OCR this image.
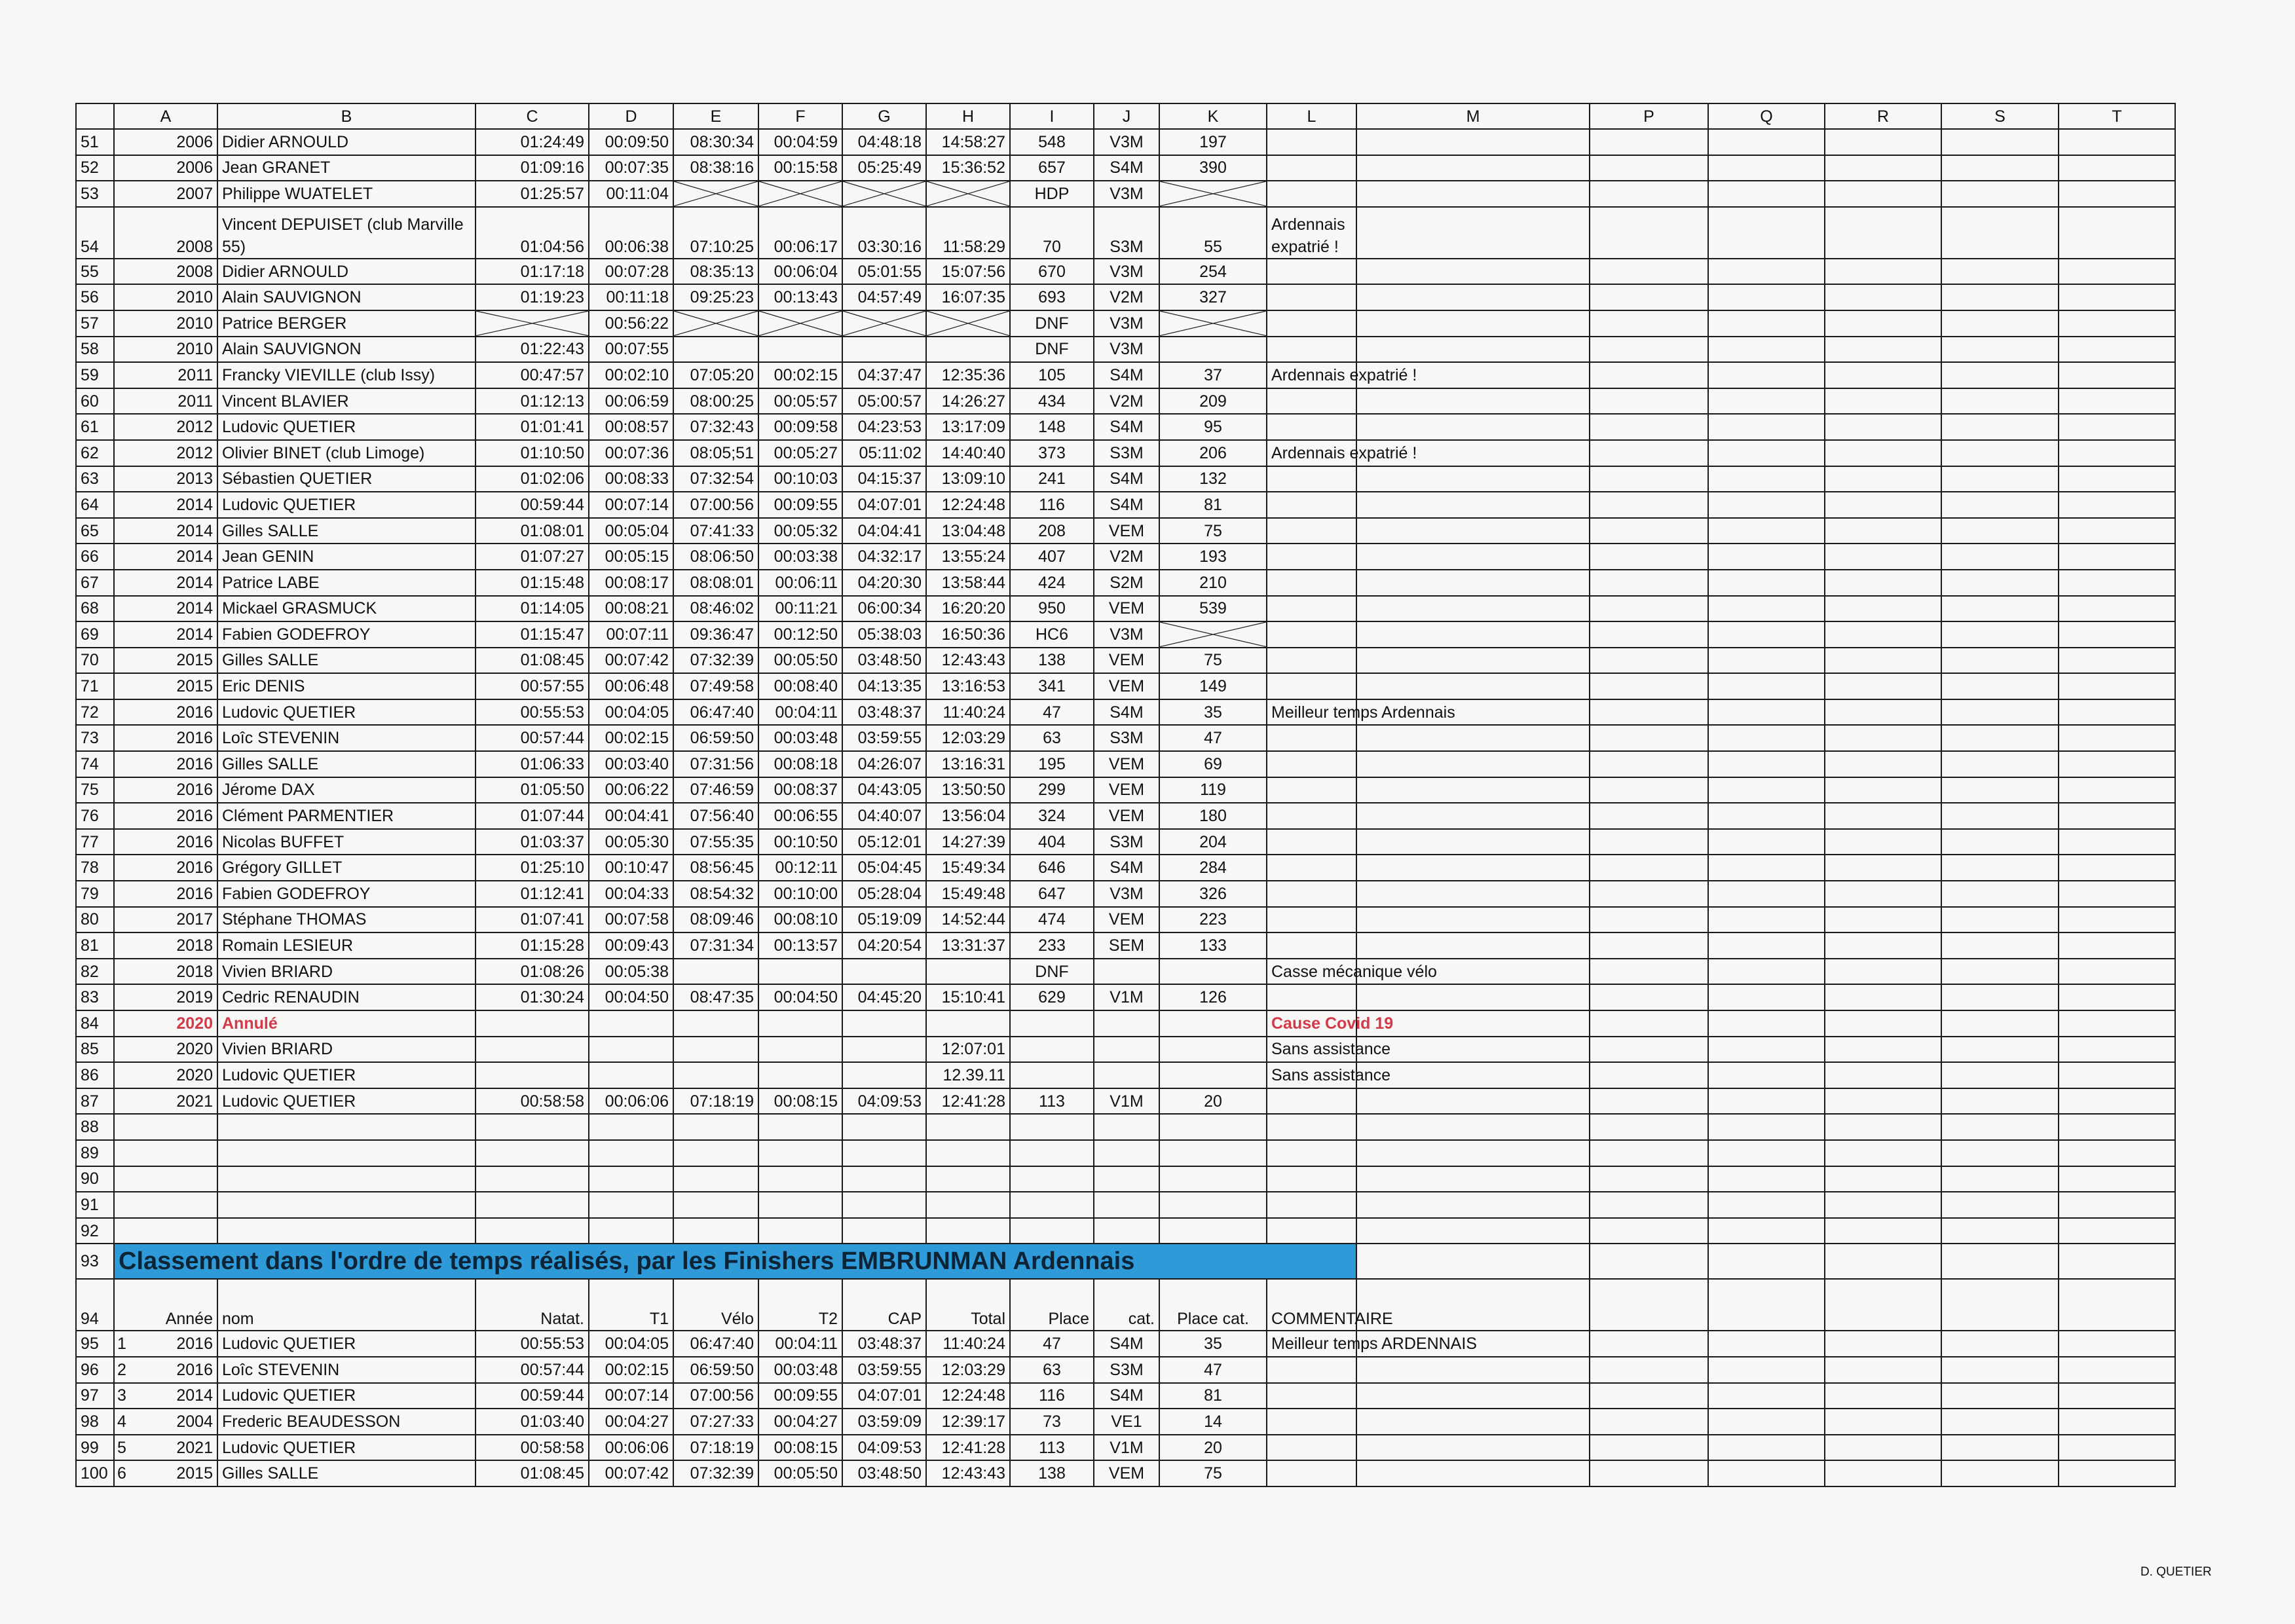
	A	B	C	D	E	F	G	H	I	J	K	L	M	P	Q	R	S	T
51	2006	Didier ARNOULD	01:24:49	00:09:50	08:30:34	00:04:59	04:48:18	14:58:27	548	V3M	197							
52	2006	Jean GRANET	01:09:16	00:07:35	08:38:16	00:15:58	05:25:49	15:36:52	657	S4M	390							
53	2007	Philippe WUATELET	01:25:57	00:11:04					HDP	V3M	

54	2008	Vincent DEPUISET (club Marville 55)	01:04:56	00:06:38	07:10:25	00:06:17	03:30:16	11:58:29	70	S3M	55	Ardennais expatrié !						
55	2008	Didier ARNOULD	01:17:18	00:07:28	08:35:13	00:06:04	05:01:55	15:07:56	670	V3M	254							
56	2010	Alain SAUVIGNON	01:19:23	00:11:18	09:25:23	00:13:43	04:57:49	16:07:35	693	V2M	327							
57	2010	Patrice BERGER		00:56:22					DNF	V3M	

58	2010	Alain SAUVIGNON	01:22:43	00:07:55					DNF	V3M								
59	2011	Francky VIEVILLE (club Issy)	00:47:57	00:02:10	07:05:20	00:02:15	04:37:47	12:35:36	105	S4M	37	Ardennais expatrié !						
60	2011	Vincent BLAVIER	01:12:13	00:06:59	08:00:25	00:05:57	05:00:57	14:26:27	434	V2M	209							
61	2012	Ludovic QUETIER	01:01:41	00:08:57	07:32:43	00:09:58	04:23:53	13:17:09	148	S4M	95							
62	2012	Olivier BINET (club Limoge)	01:10:50	00:07:36	08:05;51	00:05:27	05:11:02	14:40:40	373	S3M	206	Ardennais expatrié !						
63	2013	Sébastien QUETIER	01:02:06	00:08:33	07:32:54	00:10:03	04:15:37	13:09:10	241	S4M	132							
64	2014	Ludovic QUETIER	00:59:44	00:07:14	07:00:56	00:09:55	04:07:01	12:24:48	116	S4M	81							
65	2014	Gilles SALLE	01:08:01	00:05:04	07:41:33	00:05:32	04:04:41	13:04:48	208	VEM	75							
66	2014	Jean GENIN	01:07:27	00:05:15	08:06:50	00:03:38	04:32:17	13:55:24	407	V2M	193							
67	2014	Patrice LABE	01:15:48	00:08:17	08:08:01	00:06:11	04:20:30	13:58:44	424	S2M	210							
68	2014	Mickael GRASMUCK	01:14:05	00:08:21	08:46:02	00:11:21	06:00:34	16:20:20	950	VEM	539							
69	2014	Fabien GODEFROY	01:15:47	00:07:11	09:36:47	00:12:50	05:38:03	16:50:36	HC6	V3M	

70	2015	Gilles SALLE	01:08:45	00:07:42	07:32:39	00:05:50	03:48:50	12:43:43	138	VEM	75							
71	2015	Eric DENIS	00:57:55	00:06:48	07:49:58	00:08:40	04:13:35	13:16:53	341	VEM	149							
72	2016	Ludovic QUETIER	00:55:53	00:04:05	06:47:40	00:04:11	03:48:37	11:40:24	47	S4M	35	Meilleur temps Ardennais						
73	2016	Loîc STEVENIN	00:57:44	00:02:15	06:59:50	00:03:48	03:59:55	12:03:29	63	S3M	47							
74	2016	Gilles SALLE	01:06:33	00:03:40	07:31:56	00:08:18	04:26:07	13:16:31	195	VEM	69							
75	2016	Jérome DAX	01:05:50	00:06:22	07:46:59	00:08:37	04:43:05	13:50:50	299	VEM	119							
76	2016	Clément PARMENTIER	01:07:44	00:04:41	07:56:40	00:06:55	04:40:07	13:56:04	324	VEM	180							
77	2016	Nicolas BUFFET	01:03:37	00:05:30	07:55:35	00:10:50	05:12:01	14:27:39	404	S3M	204							
78	2016	Grégory GILLET	01:25:10	00:10:47	08:56:45	00:12:11	05:04:45	15:49:34	646	S4M	284							
79	2016	Fabien GODEFROY	01:12:41	00:04:33	08:54:32	00:10:00	05:28:04	15:49:48	647	V3M	326							
80	2017	Stéphane THOMAS	01:07:41	00:07:58	08:09:46	00:08:10	05:19:09	14:52:44	474	VEM	223							
81	2018	Romain LESIEUR	01:15:28	00:09:43	07:31:34	00:13:57	04:20:54	13:31:37	233	SEM	133							
82	2018	Vivien BRIARD	01:08:26	00:05:38					DNF			Casse mécanique vélo						
83	2019	Cedric RENAUDIN	01:30:24	00:04:50	08:47:35	00:04:50	04:45:20	15:10:41	629	V1M	126							
84	2020	Annulé										Cause Covid 19						
85	2020	Vivien BRIARD						12:07:01				Sans assistance						
86	2020	Ludovic QUETIER						12.39.11				Sans assistance						
87	2021	Ludovic QUETIER	00:58:58	00:06:06	07:18:19	00:08:15	04:09:53	12:41:28	113	V1M	20							
88																		
89																		
90																		
91																		
92																		
93	Classement dans l'ordre de temps réalisés, par les Finishers EMBRUNMAN Ardennais																	
94	Année	nom	Natat.	T1	Vélo	T2	CAP	Total	Place	cat.	Place cat.	COMMENTAIRE						
95	1 2016	Ludovic QUETIER	00:55:53	00:04:05	06:47:40	00:04:11	03:48:37	11:40:24	47	S4M	35	Meilleur temps ARDENNAIS						
96	2 2016	Loîc STEVENIN	00:57:44	00:02:15	06:59:50	00:03:48	03:59:55	12:03:29	63	S3M	47							
97	3 2014	Ludovic QUETIER	00:59:44	00:07:14	07:00:56	00:09:55	04:07:01	12:24:48	116	S4M	81							
98	4 2004	Frederic BEAUDESSON	01:03:40	00:04:27	07:27:33	00:04:27	03:59:09	12:39:17	73	VE1	14							
99	5 2021	Ludovic QUETIER	00:58:58	00:06:06	07:18:19	00:08:15	04:09:53	12:41:28	113	V1M	20							
100	6 2015	Gilles SALLE	01:08:45	00:07:42	07:32:39	00:05:50	03:48:50	12:43:43	138	VEM	75							
D. QUETIER
